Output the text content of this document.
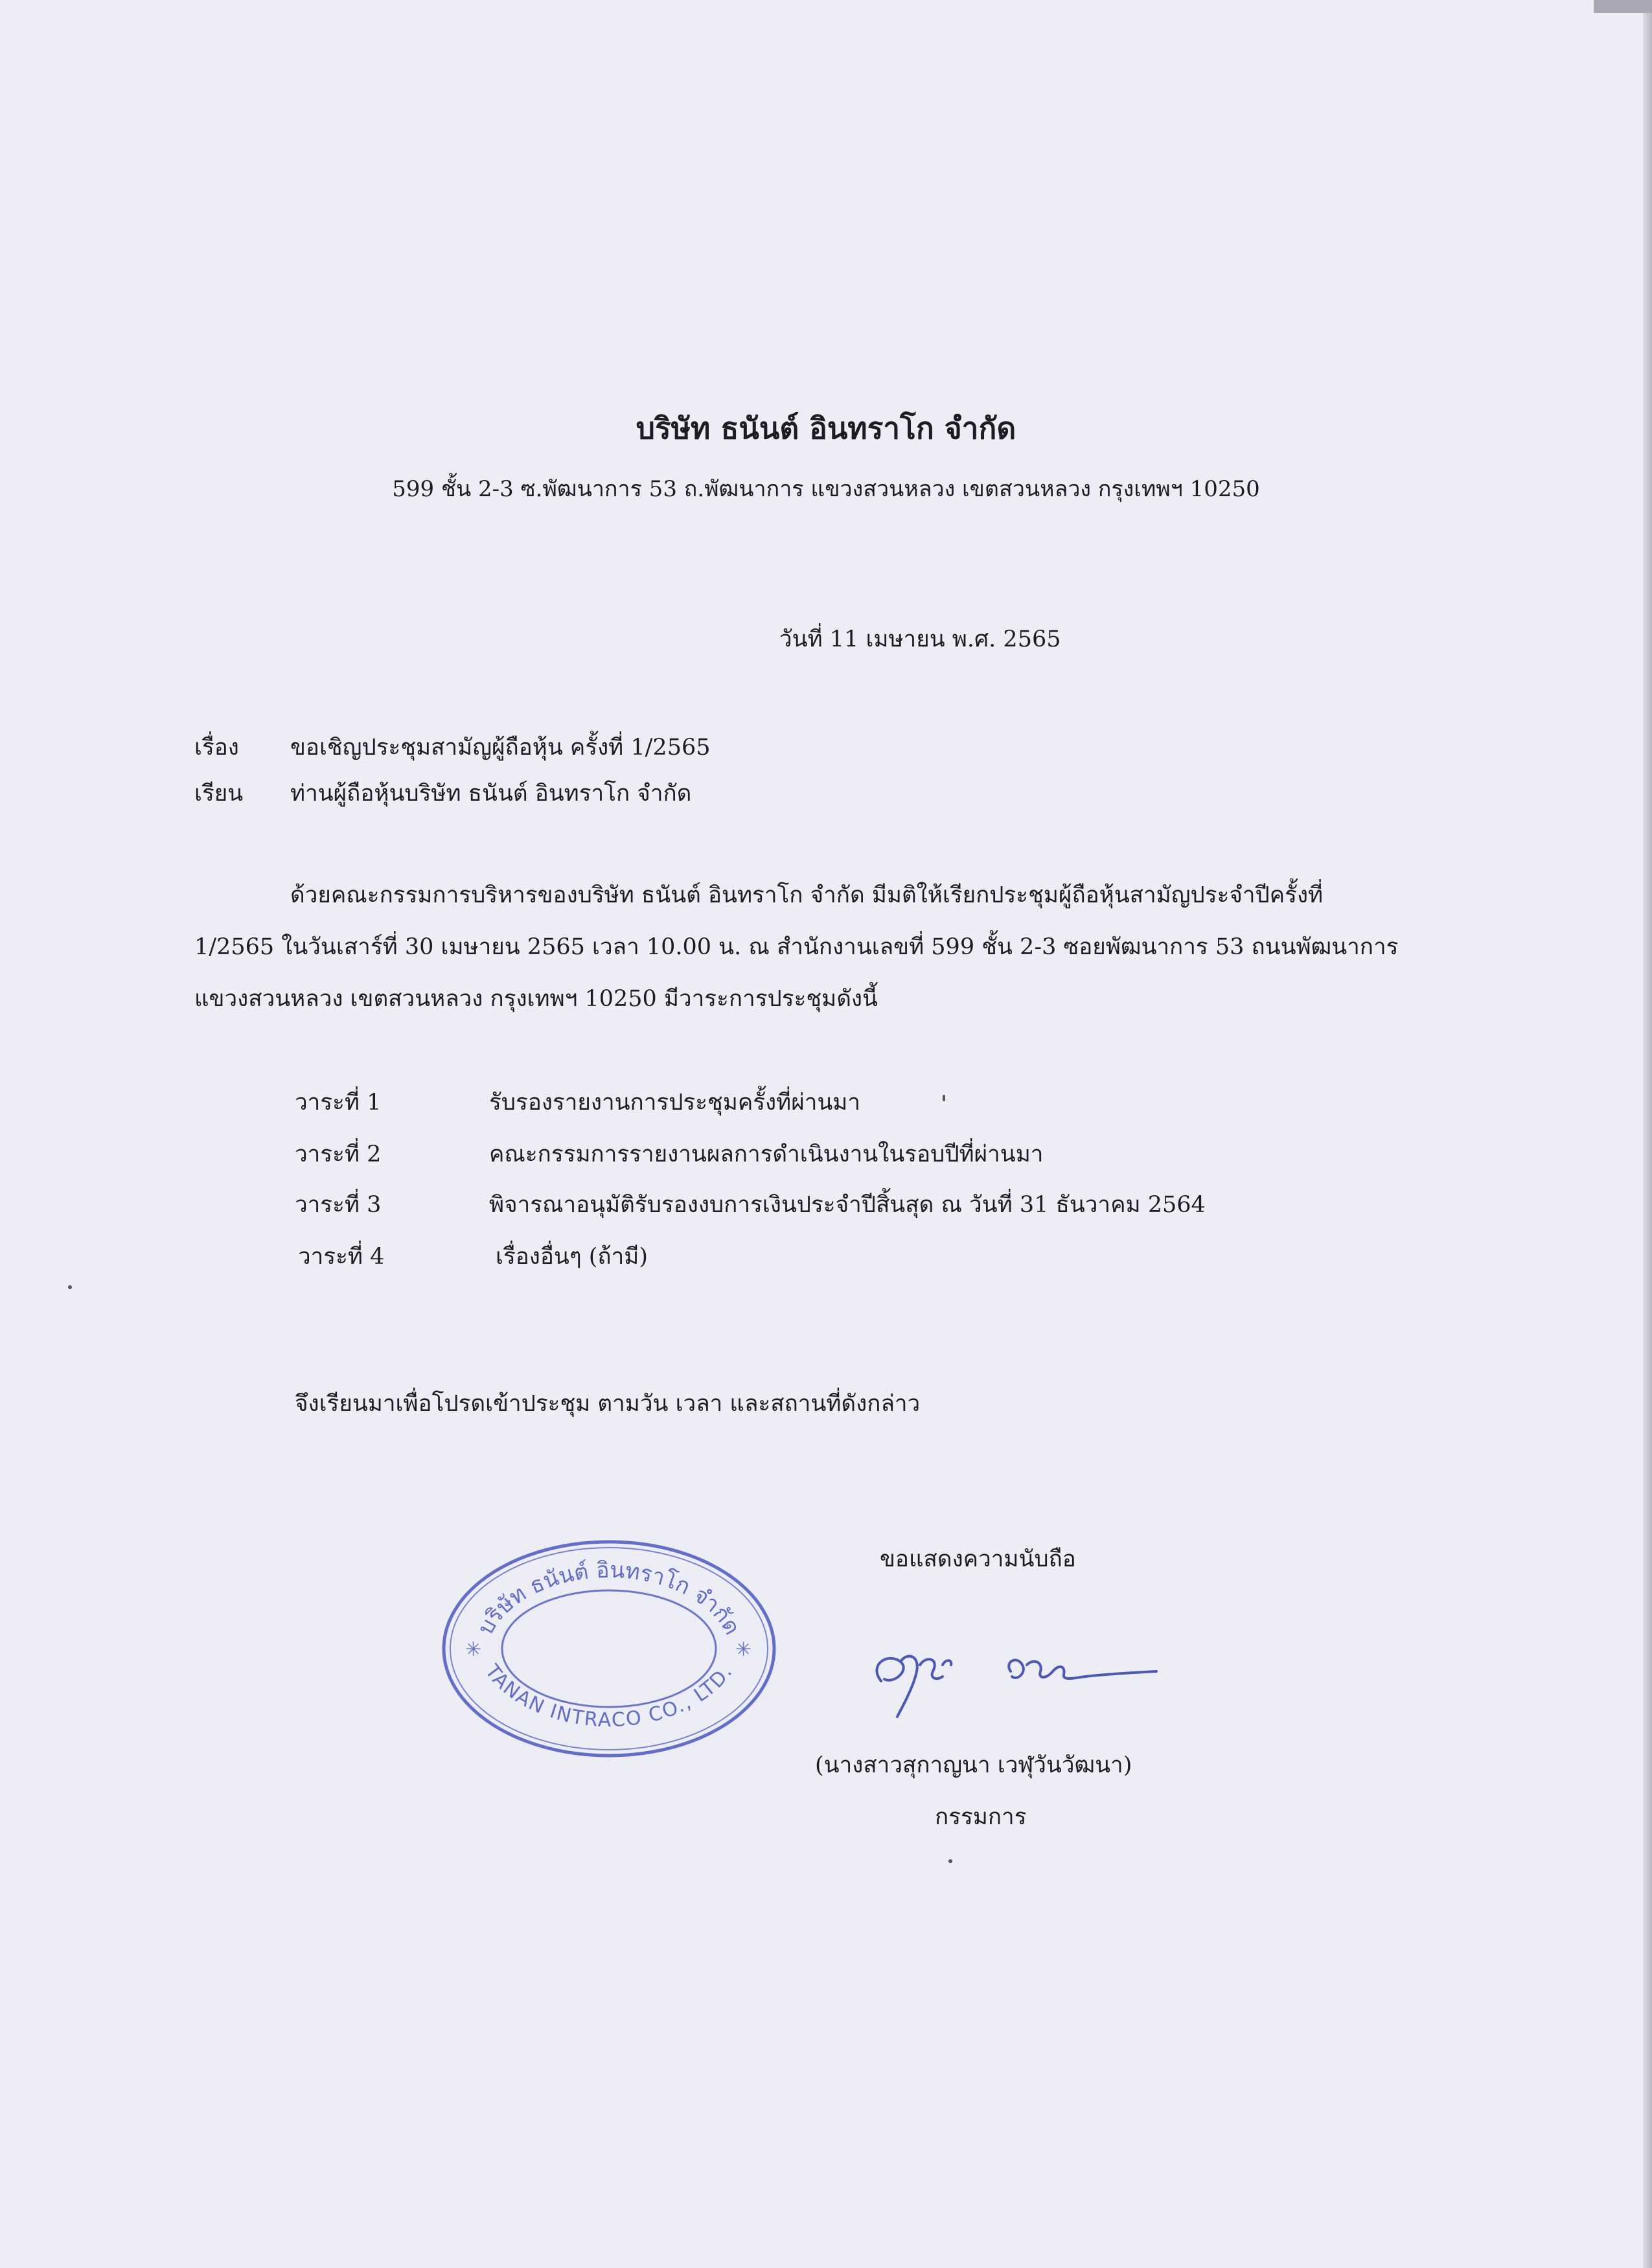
บริษัท ธนันต์ อินทราโก จำกัด
599 ชั้น 2-3 ซ.พัฒนาการ 53 ถ.พัฒนาการ แขวงสวนหลวง เขตสวนหลวง กรุงเทพฯ 10250
วันที่ 11 เมษายน พ.ศ. 2565
เรื่อง ขอเชิญประชุมสามัญผู้ถือหุ้น ครั้งที่ 1/2565
เรียน ท่านผู้ถือหุ้นบริษัท ธนันต์ อินทราโก จำกัด
ด้วยคณะกรรมการบริหารของบริษัท ธนันต์ อินทราโก จำกัด มีมติให้เรียกประชุมผู้ถือหุ้นสามัญประจำปีครั้งที่
1/2565 ในวันเสาร์ที่ 30 เมษายน 2565 เวลา 10.00 น. ณ สำนักงานเลขที่ 599 ชั้น 2-3 ซอยพัฒนาการ 53 ถนนพัฒนาการ
แขวงสวนหลวง เขตสวนหลวง กรุงเทพฯ 10250 มีวาระการประชุมดังนี้
วาระที่ 1	รับรองรายงานการประชุมครั้งที่ผ่านมา
วาระที่ 2	คณะกรรมการรายงานผลการดำเนินงานในรอบปีที่ผ่านมา
วาระที่ 3	พิจารณาอนุมัติรับรองงบการเงินประจำปีสิ้นสุด ณ วันที่ 31 ธันวาคม 2564
วาระที่ 4	เรื่องอื่นๆ (ถ้ามี)
จึงเรียนมาเพื่อโปรดเข้าประชุม ตามวัน เวลา และสถานที่ดังกล่าว
ขอแสดงความนับถือ
บริษัท ธนันต์ อินทราโก จำกัด
TANAN INTRACO CO., LTD.
✳	✳
(นางสาวสุกาญนา เวฬุวันวัฒนา)
กรรมการ
